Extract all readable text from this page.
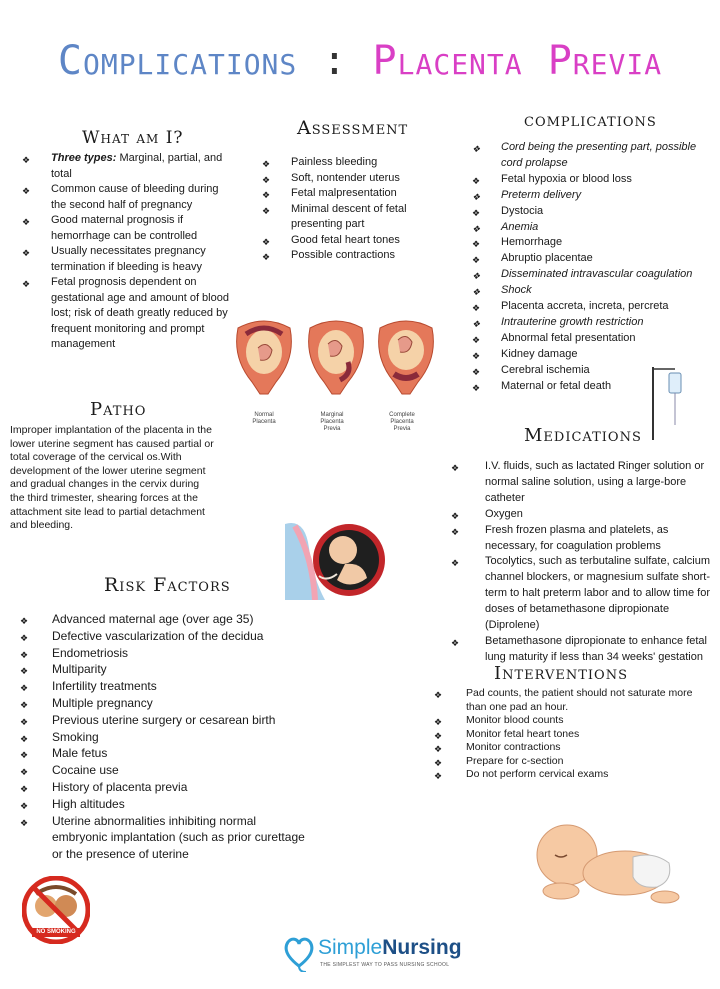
Complications : Placenta Previa
What am I?
❖ Three types: Marginal, partial, and total
❖ Common cause of bleeding during the second half of pregnancy
❖ Good maternal prognosis if hemorrhage can be controlled
❖ Usually necessitates pregnancy termination if bleeding is heavy
❖ Fetal prognosis dependent on gestational age and amount of blood lost; risk of death greatly reduced by frequent monitoring and prompt management
Assessment
❖ Painless bleeding
❖ Soft, nontender uterus
❖ Fetal malpresentation
❖ Minimal descent of fetal presenting part
❖ Good fetal heart tones
❖ Possible contractions
complications
❖ Cord being the presenting part, possible cord prolapse
❖ Fetal hypoxia or blood loss
❖ Preterm delivery
❖ Dystocia
❖ Anemia
❖ Hemorrhage
❖ Abruptio placentae
❖ Disseminated intravascular coagulation
❖ Shock
❖ Placenta accreta, increta, percreta
❖ Intrauterine growth restriction
❖ Abnormal fetal presentation
❖ Kidney damage
❖ Cerebral ischemia
❖ Maternal or fetal death
Normal Placenta
Marginal Placenta Previa
Complete Placenta Previa
Patho
Improper implantation of the placenta in the lower uterine segment has caused partial or total coverage of the cervical os.With development of the lower uterine segment and gradual changes in the cervix during the third trimester, shearing forces at the attachment site lead to partial detachment and bleeding.
Medications
❖ I.V. fluids, such as lactated Ringer solution or normal saline solution, using a large-bore catheter
❖ Oxygen
❖ Fresh frozen plasma and platelets, as necessary, for coagulation problems
❖ Tocolytics, such as terbutaline sulfate, calcium channel blockers, or magnesium sulfate short-term to halt preterm labor and to allow time for doses of betamethasone dipropionate (Diprolene)
❖ Betamethasone dipropionate to enhance fetal lung maturity if less than 34 weeks' gestation
Risk Factors
❖ Advanced maternal age (over age 35)
❖ Defective vascularization of the decidua
❖ Endometriosis
❖ Multiparity
❖ Infertility treatments
❖ Multiple pregnancy
❖ Previous uterine surgery or cesarean birth
❖ Smoking
❖ Male fetus
❖ Cocaine use
❖ History of placenta previa
❖ High altitudes
❖ Uterine abnormalities inhibiting normal embryonic implantation (such as prior curettage or the presence of uterine
Interventions
❖ Pad counts, the patient should not saturate more than one pad an hour.
❖ Monitor blood counts
❖ Monitor fetal heart tones
❖ Monitor contractions
❖ Prepare for c-section
❖ Do not perform cervical exams
NO SMOKING
SimpleNursing
THE SIMPLEST WAY TO PASS NURSING SCHOOL
